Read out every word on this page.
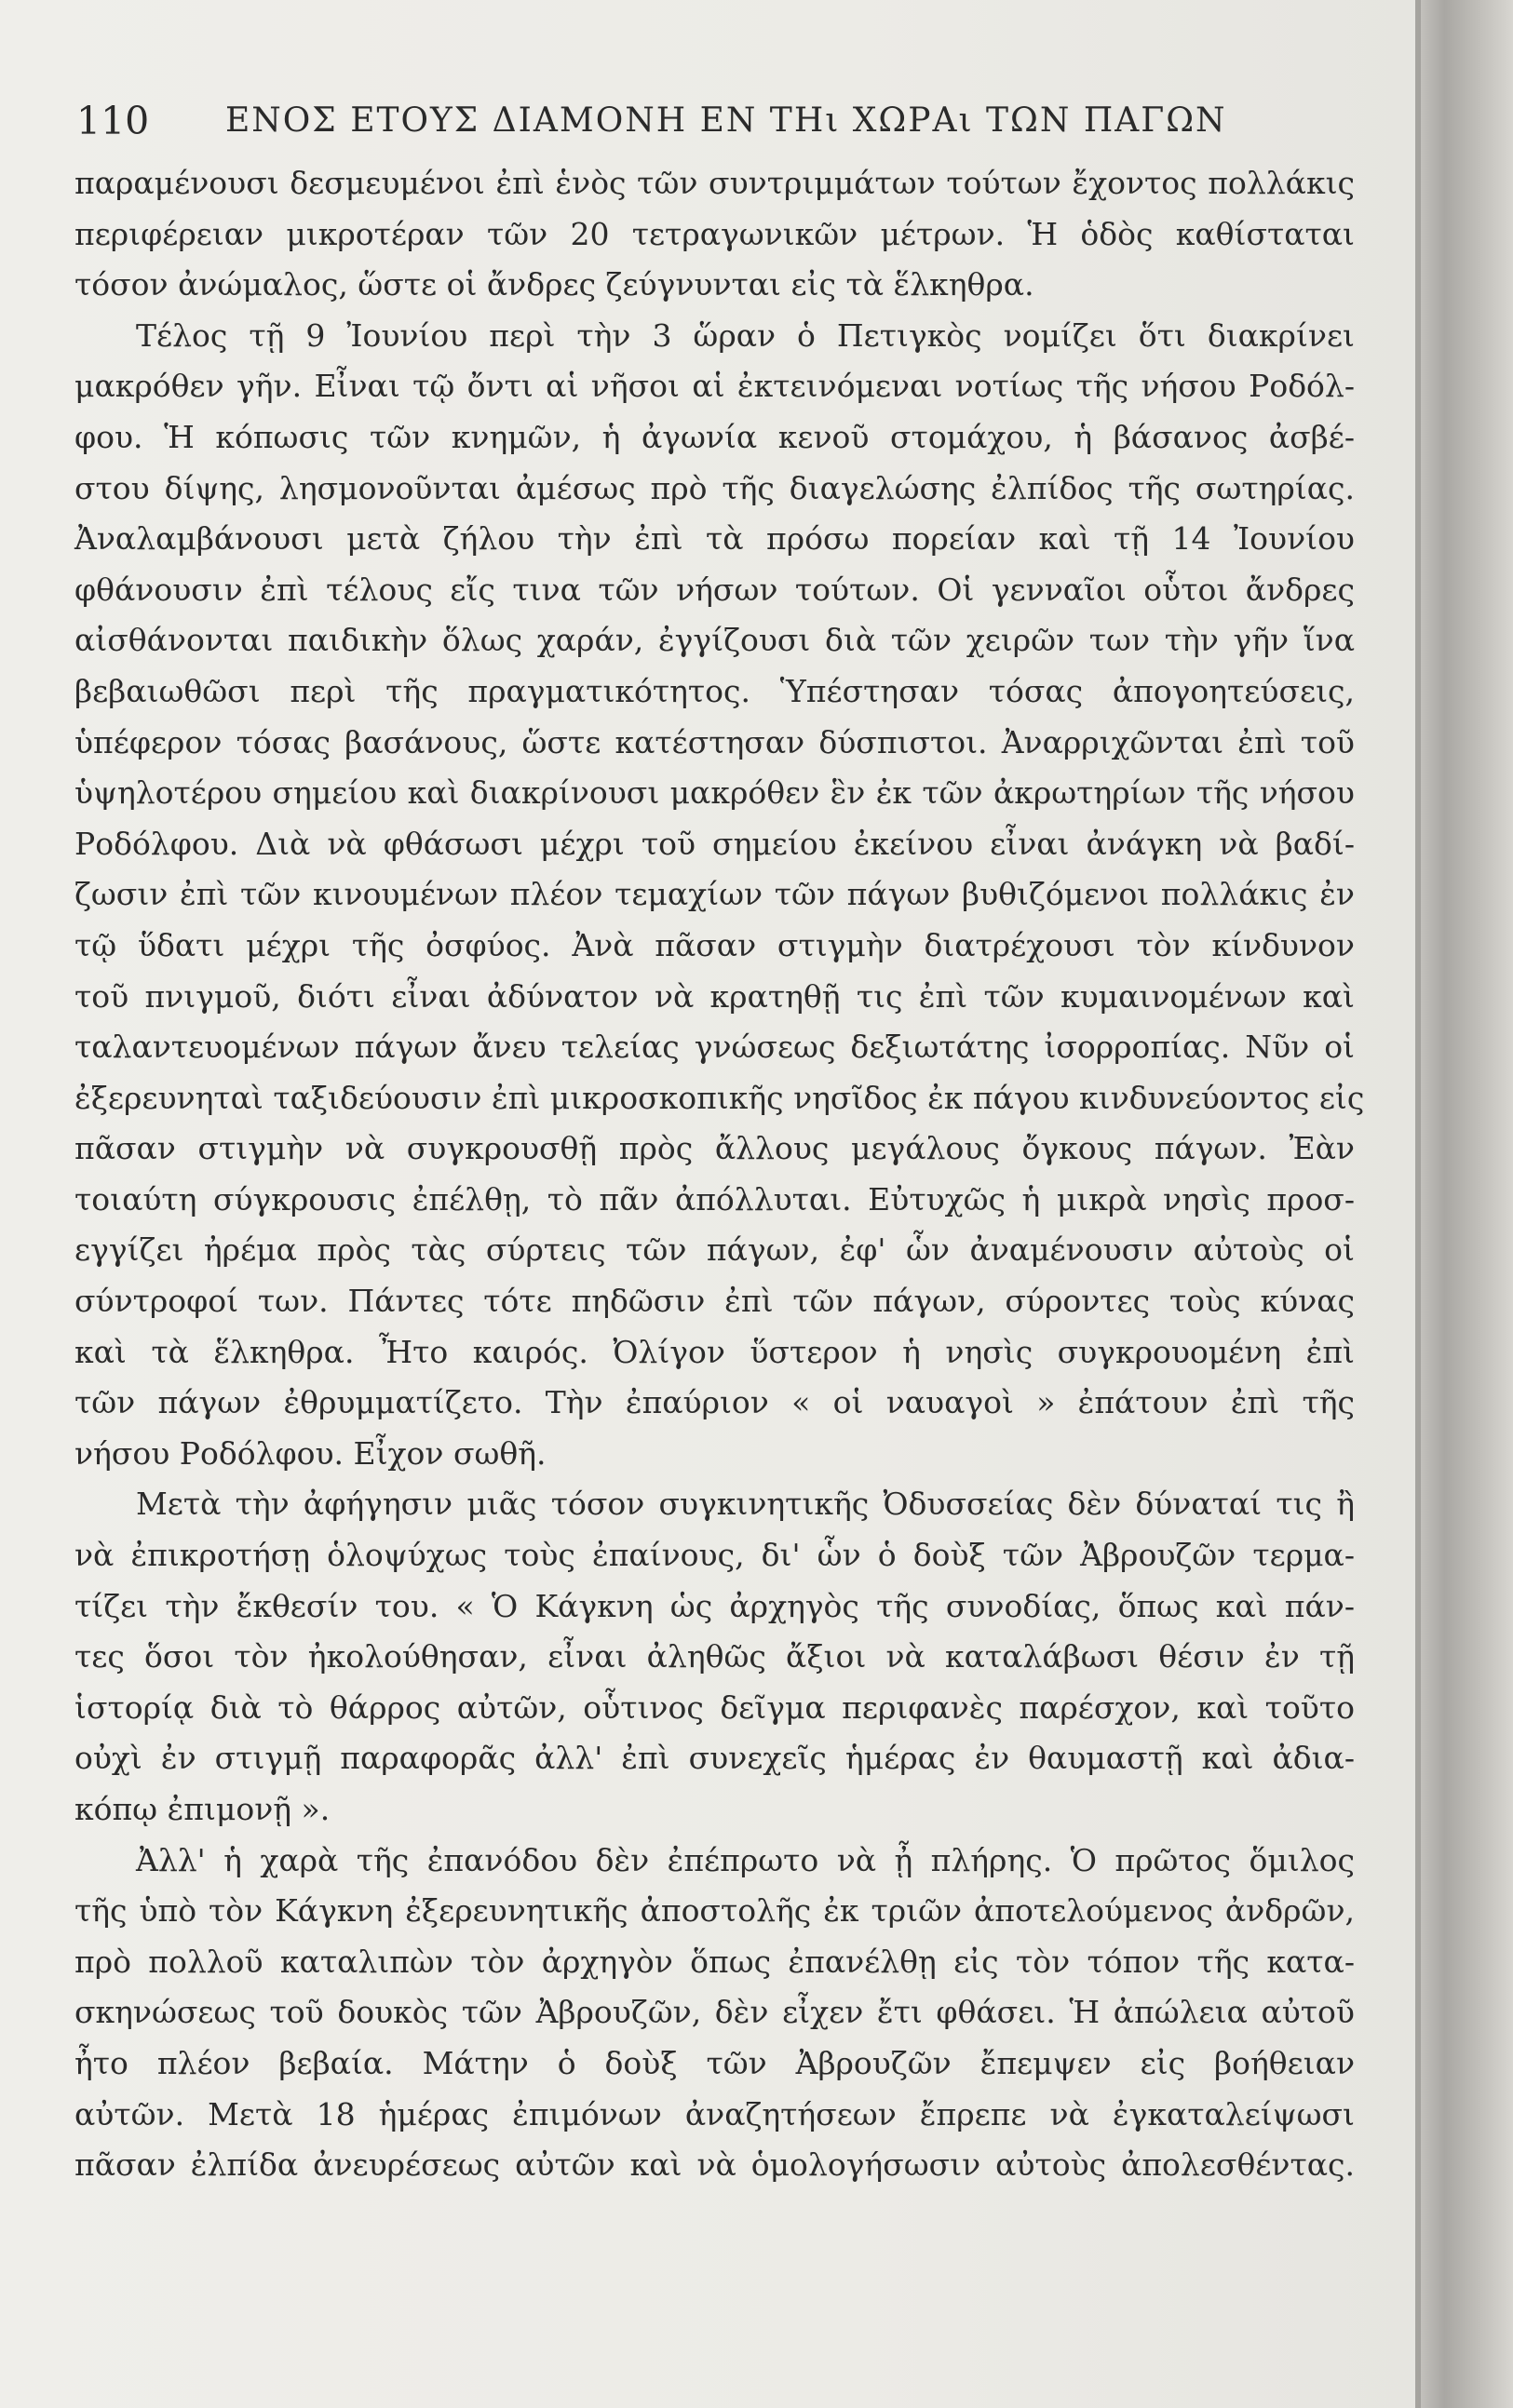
110 ΕΝΟΣ ΕΤΟΥΣ ΔΙΑΜΟΝΗ ΕΝ ΤΗι ΧΩΡΑι ΤΩΝ ΠΑΓΩΝ
παραμένουσι δεσμευμένοι ἐπὶ ἑνὸς τῶν συντριμμάτων τούτων ἔχοντος πολλάκις
περιφέρειαν μικροτέραν τῶν 20 τετραγωνικῶν μέτρων. Ἡ ὁδὸς καθίσταται
τόσον ἀνώμαλος, ὥστε οἱ ἄνδρες ζεύγνυνται εἰς τὰ ἕλκηθρα.
Τέλος τῇ 9 Ἰουνίου περὶ τὴν 3 ὥραν ὁ Πετιγκὸς νομίζει ὅτι διακρίνει
μακρόθεν γῆν. Εἶναι τῷ ὄντι αἱ νῆσοι αἱ ἐκτεινόμεναι νοτίως τῆς νήσου Ροδόλ-
φου. Ἡ κόπωσις τῶν κνημῶν, ἡ ἀγωνία κενοῦ στομάχου, ἡ βάσανος ἀσβέ-
στου δίψης, λησμονοῦνται ἀμέσως πρὸ τῆς διαγελώσης ἐλπίδος τῆς σωτηρίας.
Ἀναλαμβάνουσι μετὰ ζήλου τὴν ἐπὶ τὰ πρόσω πορείαν καὶ τῇ 14 Ἰουνίου
φθάνουσιν ἐπὶ τέλους εἴς τινα τῶν νήσων τούτων. Οἱ γενναῖοι οὗτοι ἄνδρες
αἰσθάνονται παιδικὴν ὅλως χαράν, ἐγγίζουσι διὰ τῶν χειρῶν των τὴν γῆν ἵνα
βεβαιωθῶσι περὶ τῆς πραγματικότητος. Ὑπέστησαν τόσας ἀπογοητεύσεις,
ὑπέφερον τόσας βασάνους, ὥστε κατέστησαν δύσπιστοι. Ἀναρριχῶνται ἐπὶ τοῦ
ὑψηλοτέρου σημείου καὶ διακρίνουσι μακρόθεν ἓν ἐκ τῶν ἀκρωτηρίων τῆς νήσου
Ροδόλφου. Διὰ νὰ φθάσωσι μέχρι τοῦ σημείου ἐκείνου εἶναι ἀνάγκη νὰ βαδί-
ζωσιν ἐπὶ τῶν κινουμένων πλέον τεμαχίων τῶν πάγων βυθιζόμενοι πολλάκις ἐν
τῷ ὕδατι μέχρι τῆς ὀσφύος. Ἀνὰ πᾶσαν στιγμὴν διατρέχουσι τὸν κίνδυνον
τοῦ πνιγμοῦ, διότι εἶναι ἀδύνατον νὰ κρατηθῇ τις ἐπὶ τῶν κυμαινομένων καὶ
ταλαντευομένων πάγων ἄνευ τελείας γνώσεως δεξιωτάτης ἰσορροπίας. Νῦν οἱ
ἐξερευνηταὶ ταξιδεύουσιν ἐπὶ μικροσκοπικῆς νησῖδος ἐκ πάγου κινδυνεύοντος εἰς
πᾶσαν στιγμὴν νὰ συγκρουσθῇ πρὸς ἄλλους μεγάλους ὄγκους πάγων. Ἐὰν
τοιαύτη σύγκρουσις ἐπέλθῃ, τὸ πᾶν ἀπόλλυται. Εὐτυχῶς ἡ μικρὰ νησὶς προσ-
εγγίζει ἠρέμα πρὸς τὰς σύρτεις τῶν πάγων, ἐφ' ὧν ἀναμένουσιν αὐτοὺς οἱ
σύντροφοί των. Πάντες τότε πηδῶσιν ἐπὶ τῶν πάγων, σύροντες τοὺς κύνας
καὶ τὰ ἕλκηθρα. Ἦτο καιρός. Ὀλίγον ὕστερον ἡ νησὶς συγκρουομένη ἐπὶ
τῶν πάγων ἐθρυμματίζετο. Τὴν ἐπαύριον « οἱ ναυαγοὶ » ἐπάτουν ἐπὶ τῆς
νήσου Ροδόλφου. Εἶχον σωθῆ.
Μετὰ τὴν ἀφήγησιν μιᾶς τόσον συγκινητικῆς Ὀδυσσείας δὲν δύναταί τις ἢ
νὰ ἐπικροτήσῃ ὁλοψύχως τοὺς ἐπαίνους, δι' ὧν ὁ δοὺξ τῶν Ἀβρουζῶν τερμα-
τίζει τὴν ἔκθεσίν του. « Ὁ Κάγκνη ὡς ἀρχηγὸς τῆς συνοδίας, ὅπως καὶ πάν-
τες ὅσοι τὸν ἠκολούθησαν, εἶναι ἀληθῶς ἄξιοι νὰ καταλάβωσι θέσιν ἐν τῇ
ἱστορίᾳ διὰ τὸ θάρρος αὐτῶν, οὗτινος δεῖγμα περιφανὲς παρέσχον, καὶ τοῦτο
οὐχὶ ἐν στιγμῇ παραφορᾶς ἀλλ' ἐπὶ συνεχεῖς ἡμέρας ἐν θαυμαστῇ καὶ ἀδια-
κόπῳ ἐπιμονῇ ».
Ἀλλ' ἡ χαρὰ τῆς ἐπανόδου δὲν ἐπέπρωτο νὰ ᾖ πλήρης. Ὁ πρῶτος ὅμιλος
τῆς ὑπὸ τὸν Κάγκνη ἐξερευνητικῆς ἀποστολῆς ἐκ τριῶν ἀποτελούμενος ἀνδρῶν,
πρὸ πολλοῦ καταλιπὼν τὸν ἀρχηγὸν ὅπως ἐπανέλθῃ εἰς τὸν τόπον τῆς κατα-
σκηνώσεως τοῦ δουκὸς τῶν Ἀβρουζῶν, δὲν εἶχεν ἔτι φθάσει. Ἡ ἀπώλεια αὐτοῦ
ἦτο πλέον βεβαία. Μάτην ὁ δοὺξ τῶν Ἀβρουζῶν ἔπεμψεν εἰς βοήθειαν
αὐτῶν. Μετὰ 18 ἡμέρας ἐπιμόνων ἀναζητήσεων ἔπρεπε νὰ ἐγκαταλείψωσι
πᾶσαν ἐλπίδα ἀνευρέσεως αὐτῶν καὶ νὰ ὁμολογήσωσιν αὐτοὺς ἀπολεσθέντας.
